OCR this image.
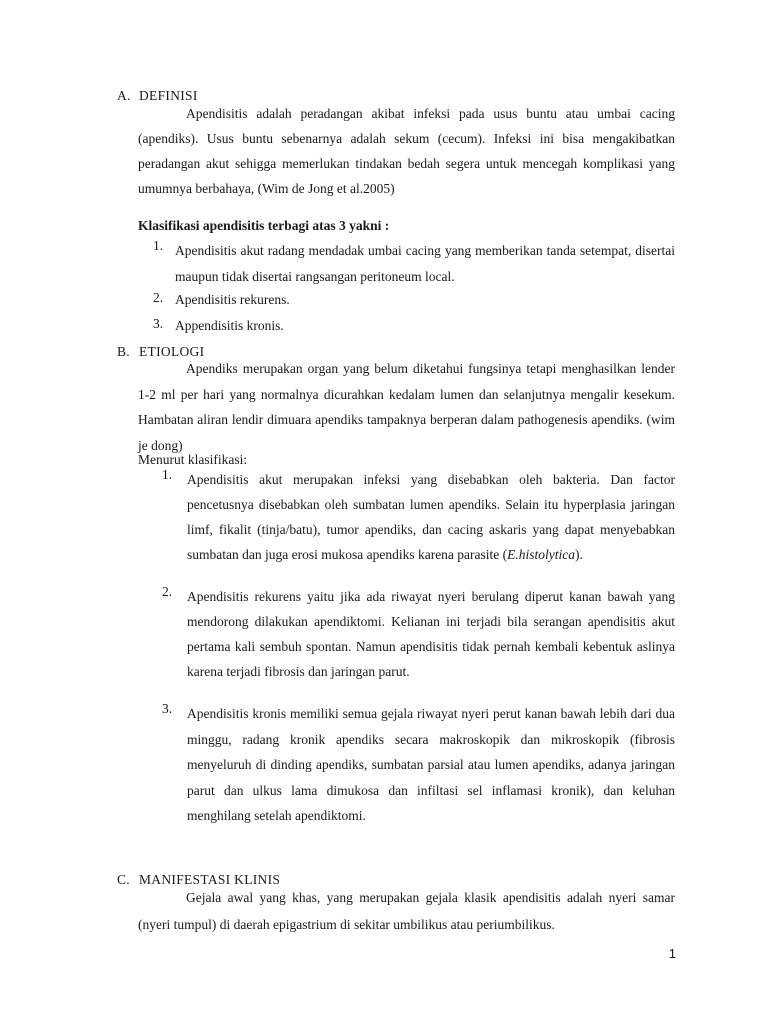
A. DEFINISI

Apendisitis adalah peradangan akibat infeksi pada usus buntu atau umbai cacing (apendiks). Usus buntu sebenarnya adalah sekum (cecum). Infeksi ini bisa mengakibatkan peradangan akut sehigga memerlukan tindakan bedah segera untuk mencegah komplikasi yang umumnya berbahaya, (Wim de Jong et al.2005)

Klasifikasi apendisitis terbagi atas 3 yakni :
1. Apendisitis akut radang mendadak umbai cacing yang memberikan tanda setempat, disertai maupun tidak disertai rangsangan peritoneum local.

2. Apendisitis rekurens.

3. Appendisitis kronis.

B. ETIOLOGI

Apendiks merupakan organ yang belum diketahui fungsinya tetapi menghasilkan lender 1-2 ml per hari yang normalnya dicurahkan kedalam lumen dan selanjutnya mengalir kesekum. Hambatan aliran lendir dimuara apendiks tampaknya berperan dalam pathogenesis apendiks. (wim je dong)

Menurut klasifikasi:
1. Apendisitis akut merupakan infeksi yang disebabkan oleh bakteria. Dan factor pencetusnya disebabkan oleh sumbatan lumen apendiks. Selain itu hyperplasia jaringan limf, fikalit (tinja/batu), tumor apendiks, dan cacing askaris yang dapat menyebabkan sumbatan dan juga erosi mukosa apendiks karena parasite (E.histolytica).

2. Apendisitis rekurens yaitu jika ada riwayat nyeri berulang diperut kanan bawah yang mendorong dilakukan apendiktomi. Kelianan ini terjadi bila serangan apendisitis akut pertama kali sembuh spontan. Namun apendisitis tidak pernah kembali kebentuk aslinya karena terjadi fibrosis dan jaringan parut.

3. Apendisitis kronis memiliki semua gejala riwayat nyeri perut kanan bawah lebih dari dua minggu, radang kronik apendiks secara makroskopik dan mikroskopik (fibrosis menyeluruh di dinding apendiks, sumbatan parsial atau lumen apendiks, adanya jaringan parut dan ulkus lama dimukosa dan infiltasi sel inflamasi kronik), dan keluhan menghilang setelah apendiktomi.

C. MANIFESTASI KLINIS

Gejala awal yang khas, yang merupakan gejala klasik apendisitis adalah nyeri samar (nyeri tumpul) di daerah epigastrium di sekitar umbilikus atau periumbilikus.

1
